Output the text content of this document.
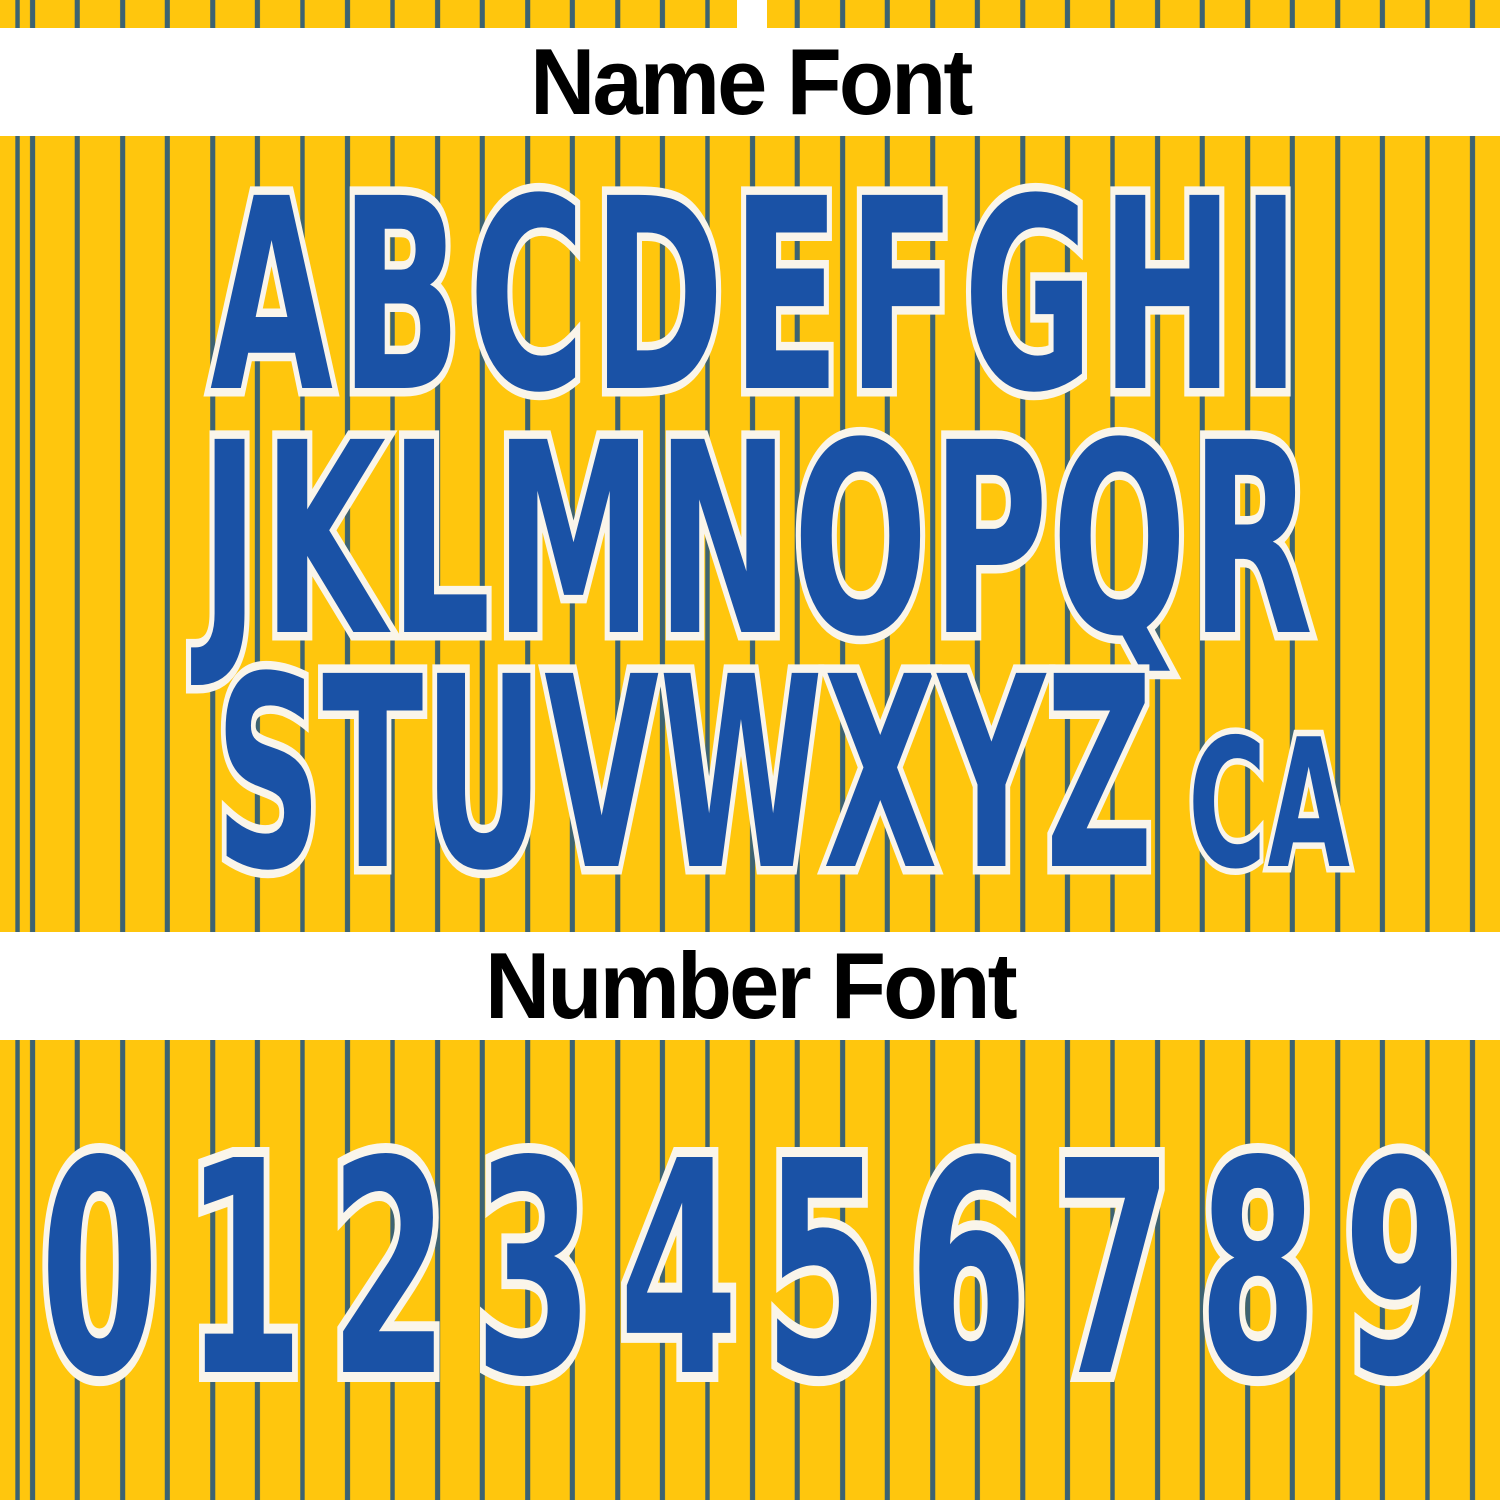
Name Font
Number Font
ABCDEFGHI
JKLMNOPQR
STUVWXYZ CA
0123456789
